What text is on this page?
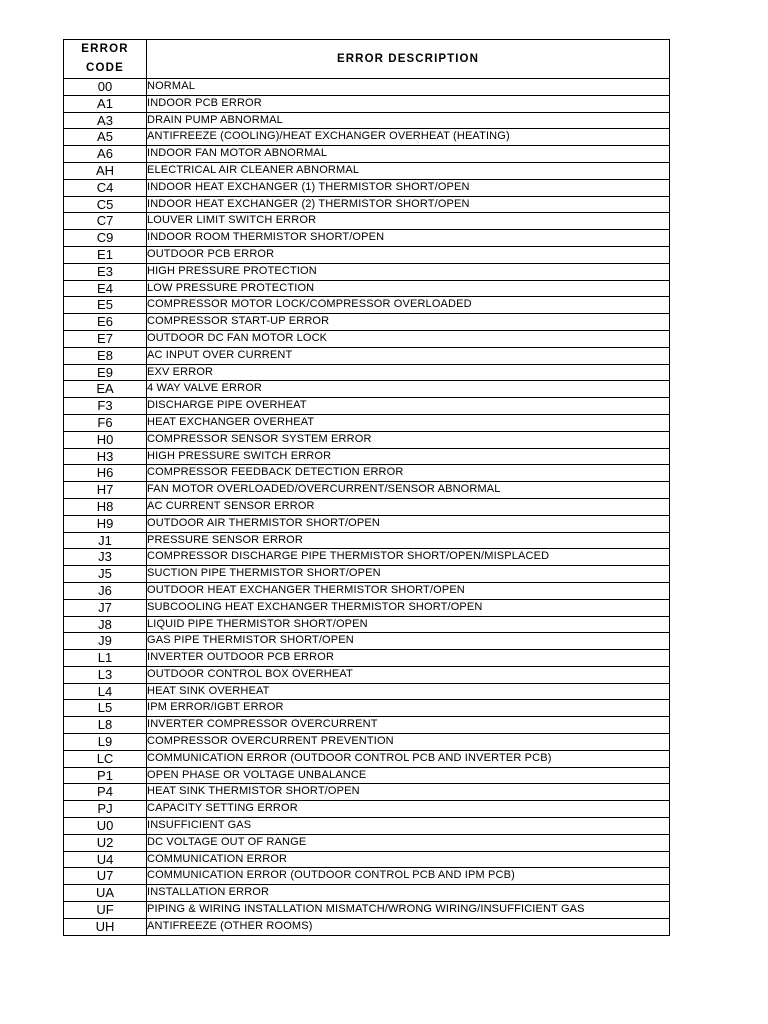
ERROR
CODE	ERROR DESCRIPTION
00	NORMAL
A1	INDOOR PCB ERROR
A3	DRAIN PUMP ABNORMAL
A5	ANTIFREEZE (COOLING)/HEAT EXCHANGER OVERHEAT (HEATING)
A6	INDOOR FAN MOTOR ABNORMAL
AH	ELECTRICAL AIR CLEANER ABNORMAL
C4	INDOOR HEAT EXCHANGER (1) THERMISTOR SHORT/OPEN
C5	INDOOR HEAT EXCHANGER (2) THERMISTOR SHORT/OPEN
C7	LOUVER LIMIT SWITCH ERROR
C9	INDOOR ROOM THERMISTOR SHORT/OPEN
E1	OUTDOOR PCB ERROR
E3	HIGH PRESSURE PROTECTION
E4	LOW PRESSURE PROTECTION
E5	COMPRESSOR MOTOR LOCK/COMPRESSOR OVERLOADED
E6	COMPRESSOR START-UP ERROR
E7	OUTDOOR DC FAN MOTOR LOCK
E8	AC INPUT OVER CURRENT
E9	EXV ERROR
EA	4 WAY VALVE ERROR
F3	DISCHARGE PIPE OVERHEAT
F6	HEAT EXCHANGER OVERHEAT
H0	COMPRESSOR SENSOR SYSTEM ERROR
H3	HIGH PRESSURE SWITCH ERROR
H6	COMPRESSOR FEEDBACK DETECTION ERROR
H7	FAN MOTOR OVERLOADED/OVERCURRENT/SENSOR ABNORMAL
H8	AC CURRENT SENSOR ERROR
H9	OUTDOOR AIR THERMISTOR SHORT/OPEN
J1	PRESSURE SENSOR ERROR
J3	COMPRESSOR DISCHARGE PIPE THERMISTOR SHORT/OPEN/MISPLACED
J5	SUCTION PIPE THERMISTOR SHORT/OPEN
J6	OUTDOOR HEAT EXCHANGER THERMISTOR SHORT/OPEN
J7	SUBCOOLING HEAT EXCHANGER THERMISTOR SHORT/OPEN
J8	LIQUID PIPE THERMISTOR SHORT/OPEN
J9	GAS PIPE THERMISTOR SHORT/OPEN
L1	INVERTER OUTDOOR PCB ERROR
L3	OUTDOOR CONTROL BOX OVERHEAT
L4	HEAT SINK OVERHEAT
L5	IPM ERROR/IGBT ERROR
L8	INVERTER COMPRESSOR OVERCURRENT
L9	COMPRESSOR OVERCURRENT PREVENTION
LC	COMMUNICATION ERROR (OUTDOOR CONTROL PCB AND INVERTER PCB)
P1	OPEN PHASE OR VOLTAGE UNBALANCE
P4	HEAT SINK THERMISTOR SHORT/OPEN
PJ	CAPACITY SETTING ERROR
U0	INSUFFICIENT GAS
U2	DC VOLTAGE OUT OF RANGE
U4	COMMUNICATION ERROR
U7	COMMUNICATION ERROR (OUTDOOR CONTROL PCB AND IPM PCB)
UA	INSTALLATION ERROR
UF	PIPING & WIRING INSTALLATION MISMATCH/WRONG WIRING/INSUFFICIENT GAS
UH	ANTIFREEZE (OTHER ROOMS)
